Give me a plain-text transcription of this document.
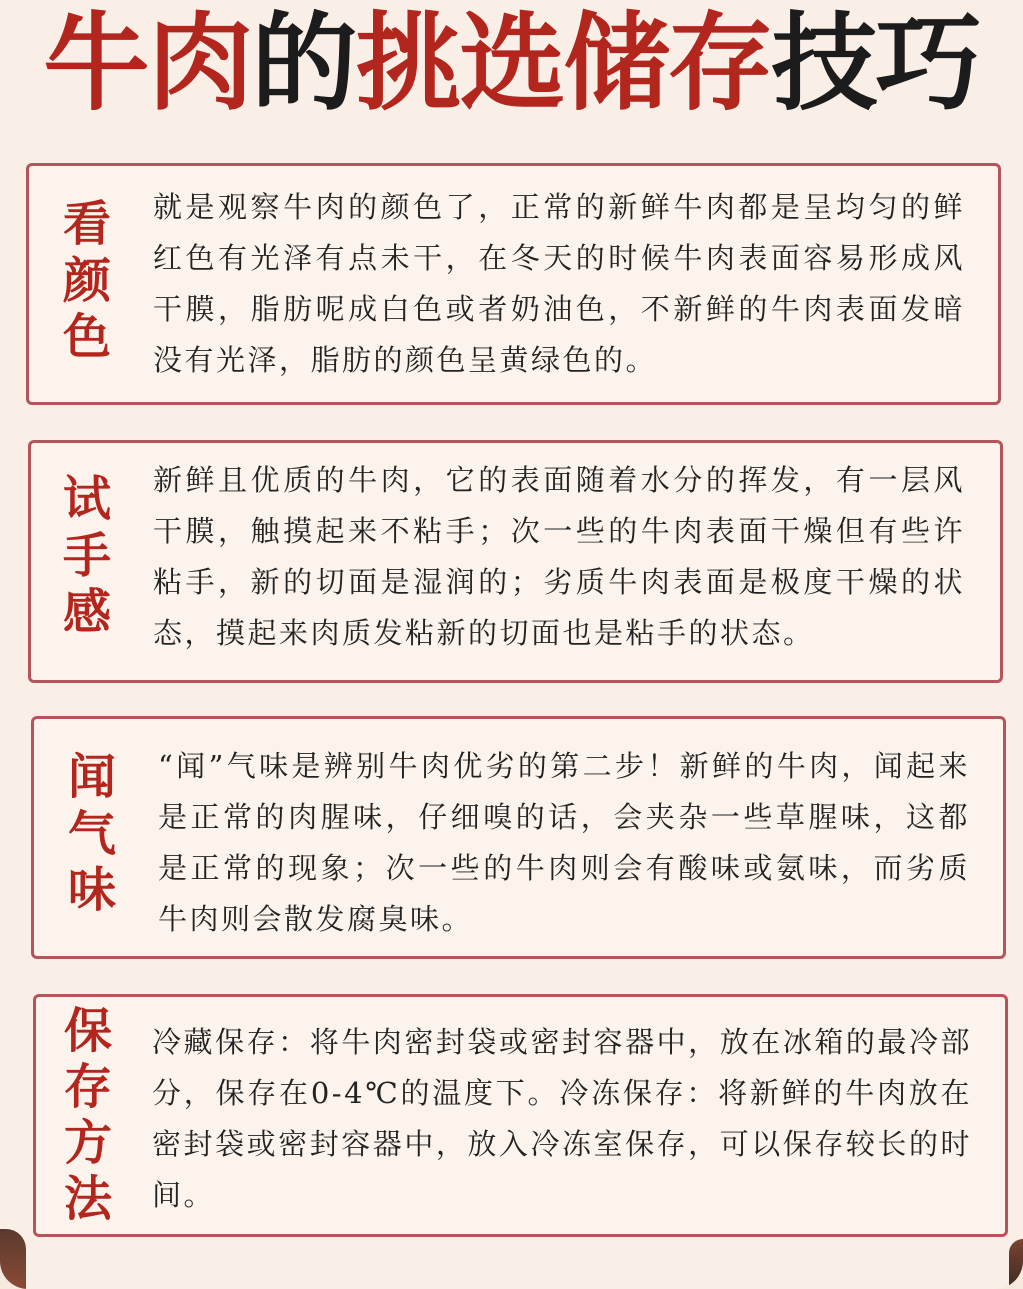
牛肉 的 挑选储存 技巧
看
颜
色
就是观察牛肉的颜色了，正常的新鲜牛肉都是呈均匀的鲜红色有光泽有点未干，在冬天的时候牛肉表面容易形成风干膜，脂肪呢成白色或者奶油色，不新鲜的牛肉表面发暗没有光泽，脂肪的颜色呈黄绿色的。
试
手
感
新鲜且优质的牛肉，它的表面随着水分的挥发，有一层风干膜，触摸起来不粘手；次一些的牛肉表面干燥但有些许粘手，新的切面是湿润的；劣质牛肉表面是极度干燥的状态，摸起来肉质发粘新的切面也是粘手的状态。
闻
气
味
“闻”气味是辨别牛肉优劣的第二步！新鲜的牛肉，闻起来是正常的肉腥味，仔细嗅的话，会夹杂一些草腥味，这都是正常的现象；次一些的牛肉则会有酸味或氨味，而劣质牛肉则会散发腐臭味。
保
存
方
法
冷藏保存：将牛肉密封袋或密封容器中，放在冰箱的最冷部分，保存在0-4℃的温度下。冷冻保存：将新鲜的牛肉放在密封袋或密封容器中，放入冷冻室保存，可以保存较长的时间。
